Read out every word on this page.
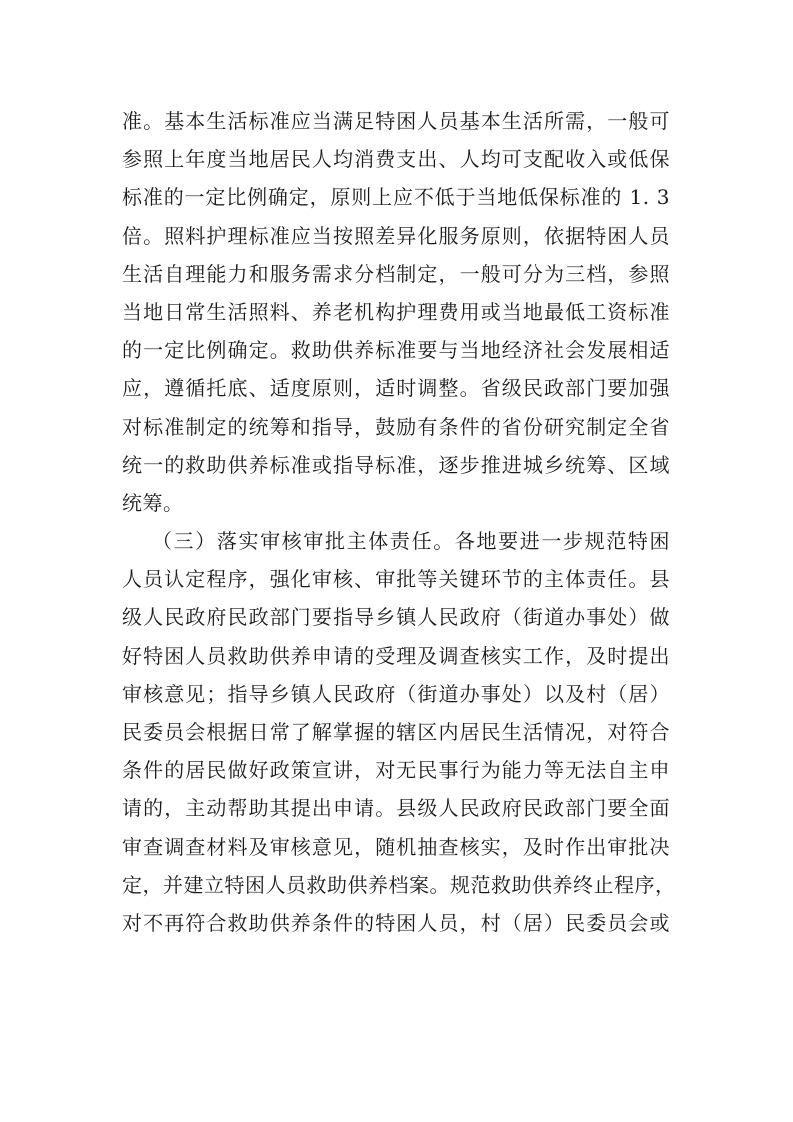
准。基本生活标准应当满足特困人员基本生活所需，一般可
参照上年度当地居民人均消费支出、人均可支配收入或低保
标准的一定比例确定，原则上应不低于当地低保标准的 1. 3
倍。照料护理标准应当按照差异化服务原则，依据特困人员
生活自理能力和服务需求分档制定，一般可分为三档，参照
当地日常生活照料、养老机构护理费用或当地最低工资标准
的一定比例确定。救助供养标准要与当地经济社会发展相适
应，遵循托底、适度原则，适时调整。省级民政部门要加强
对标准制定的统筹和指导，鼓励有条件的省份研究制定全省
统一的救助供养标准或指导标准，逐步推进城乡统筹、区域
统筹。
（三）落实审核审批主体责任。各地要进一步规范特困
人员认定程序，强化审核、审批等关键环节的主体责任。县
级人民政府民政部门要指导乡镇人民政府（街道办事处）做
好特困人员救助供养申请的受理及调查核实工作，及时提出
审核意见；指导乡镇人民政府（街道办事处）以及村（居）
民委员会根据日常了解掌握的辖区内居民生活情况，对符合
条件的居民做好政策宣讲，对无民事行为能力等无法自主申
请的，主动帮助其提出申请。县级人民政府民政部门要全面
审查调查材料及审核意见，随机抽查核实，及时作出审批决
定，并建立特困人员救助供养档案。规范救助供养终止程序，
对不再符合救助供养条件的特困人员，村（居）民委员会或
